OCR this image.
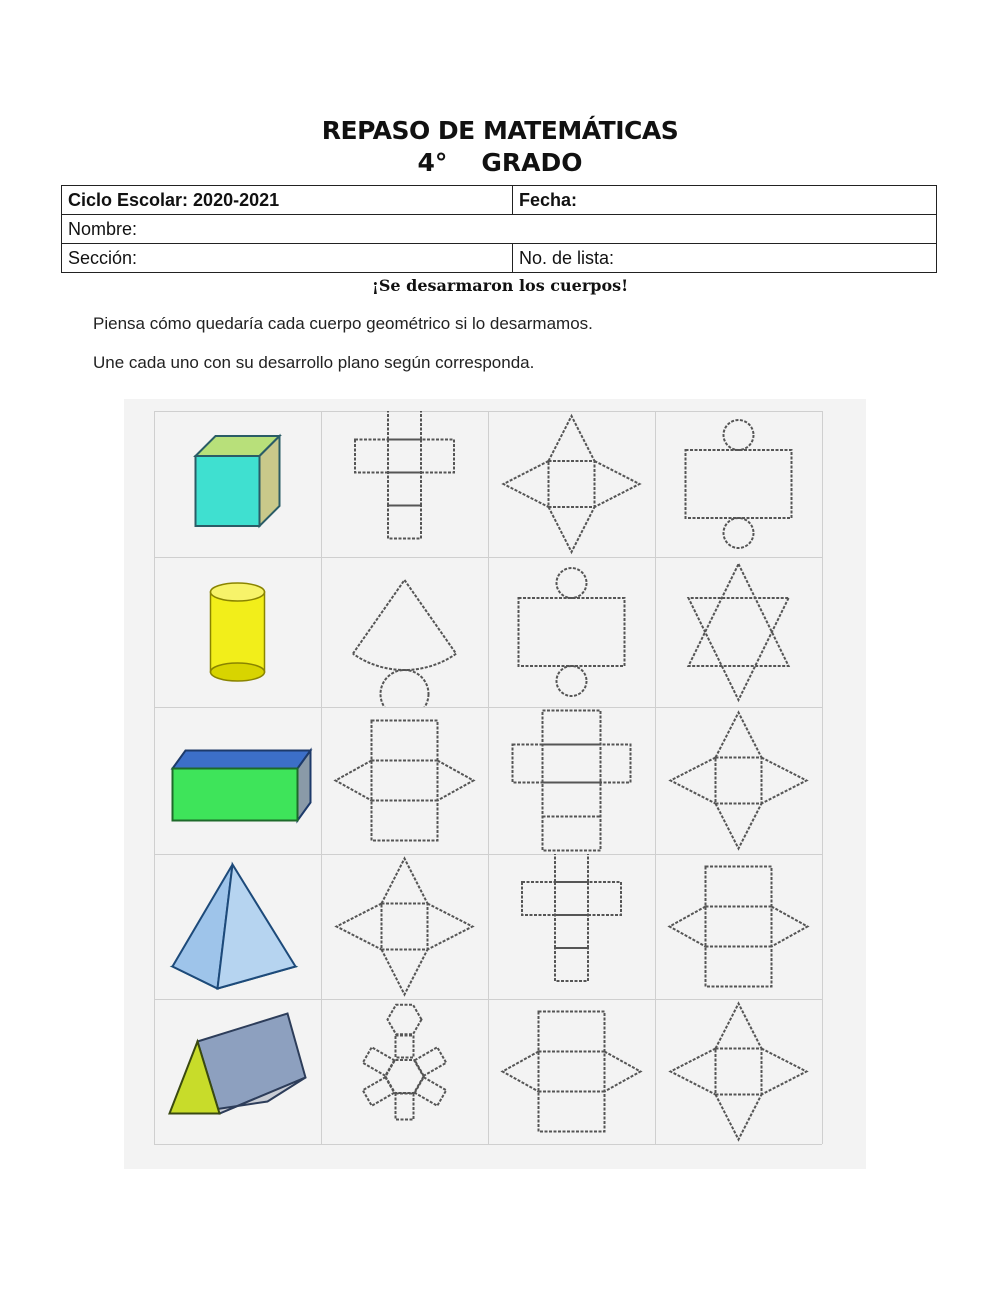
REPASO DE MATEMÁTICAS
4° GRADO
Ciclo Escolar: 2020-2021	Fecha:
Nombre:	
Sección:	No. de lista:
¡Se desarmaron los cuerpos!
Piensa cómo quedaría cada cuerpo geométrico si lo desarmamos.
Une cada uno con su desarrollo plano según corresponda.
